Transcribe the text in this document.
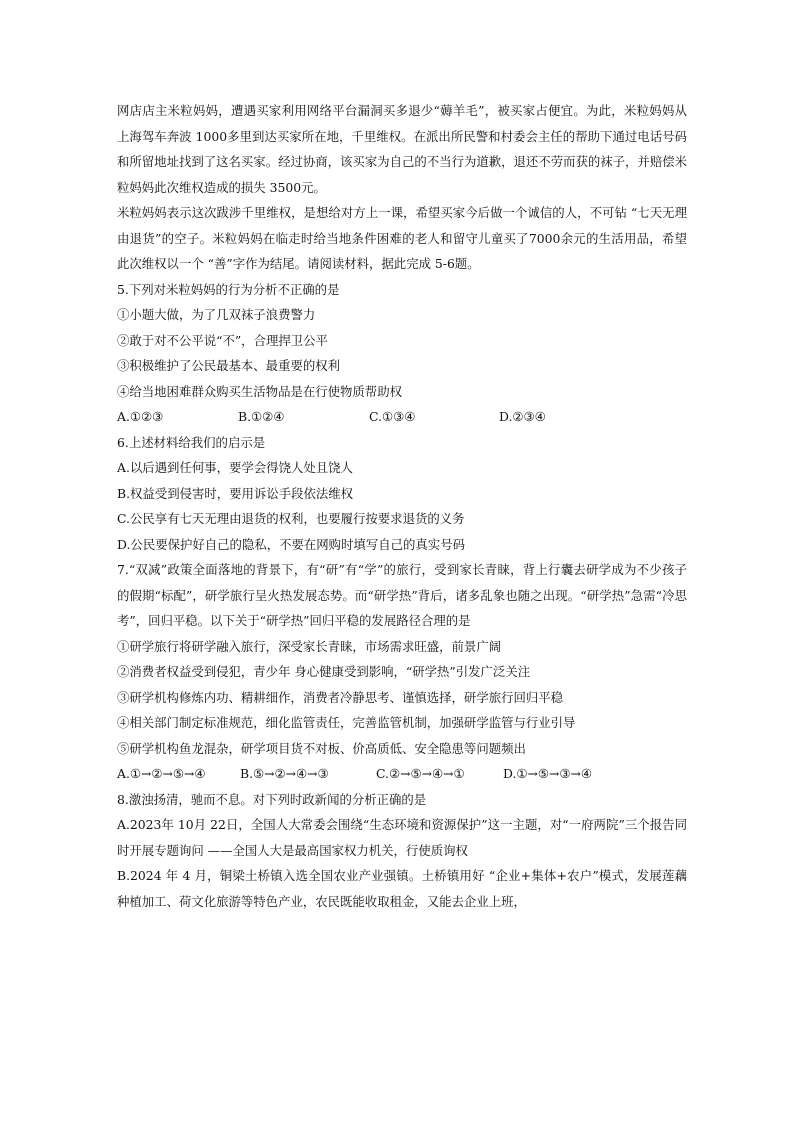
网店店主米粒妈妈，遭遇买家利用网络平台漏洞买多退少“薅羊毛”，被买家占便宜。为此，米粒妈妈从上海驾车奔波 1000多里到达买家所在地，千里维权。在派出所民警和村委会主任的帮助下通过电话号码和所留地址找到了这名买家。经过协商，该买家为自己的不当行为道歉，退还不劳而获的袜子，并赔偿米粒妈妈此次维权造成的损失 3500元。

米粒妈妈表示这次跋涉千里维权，是想给对方上一课，希望买家今后做一个诚信的人，不可钻 “七天无理由退货”的空子。米粒妈妈在临走时给当地条件困难的老人和留守儿童买了7000余元的生活用品，希望此次维权以一个 “善”字作为结尾。请阅读材料，据此完成 5-6题。

5.下列对米粒妈妈的行为分析不正确的是

①小题大做，为了几双袜子浪费警力

②敢于对不公平说“不”，合理捍卫公平

③积极维护了公民最基本、最重要的权利

④给当地困难群众购买生活物品是在行使物质帮助权

A.①②③	B.①②④	C.①③④	D.②③④

6.上述材料给我们的启示是

A.以后遇到任何事，要学会得饶人处且饶人

B.权益受到侵害时，要用诉讼手段依法维权

C.公民享有七天无理由退货的权利，也要履行按要求退货的义务

D.公民要保护好自己的隐私，不要在网购时填写自己的真实号码

7.“双减”政策全面落地的背景下，有“研”有“学”的旅行，受到家长青睐，背上行囊去研学成为不少孩子的假期“标配”，研学旅行呈火热发展态势。而“研学热”背后，诸多乱象也随之出现。“研学热”急需“冷思考”，回归平稳。以下关于“研学热”回归平稳的发展路径合理的是

①研学旅行将研学融入旅行，深受家长青睐，市场需求旺盛，前景广阔

②消费者权益受到侵犯，青少年 身心健康受到影响，“研学热”引发广泛关注

③研学机构修炼内功、精耕细作，消费者冷静思考、谨慎选择，研学旅行回归平稳

④相关部门制定标准规范，细化监管责任，完善监管机制，加强研学监管与行业引导

⑤研学机构鱼龙混杂，研学项目货不对板、价高质低、安全隐患等问题频出

A.①→②→⑤→④	B.⑤→②→④→③	C.②→⑤→④→①	D.①→⑤→③→④

8.激浊扬清，驰而不息。对下列时政新闻的分析正确的是

A.2023年 10月 22日，全国人大常委会围绕“生态环境和资源保护”这一主题，对“一府两院”三个报告同时开展专题询问 ——全国人大是最高国家权力机关，行使质询权

B.2024 年 4 月，铜梁土桥镇入选全国农业产业强镇。土桥镇用好 “企业+集体+农户”模式，发展莲藕种植加工、荷文化旅游等特色产业，农民既能收取租金，又能去企业上班，
